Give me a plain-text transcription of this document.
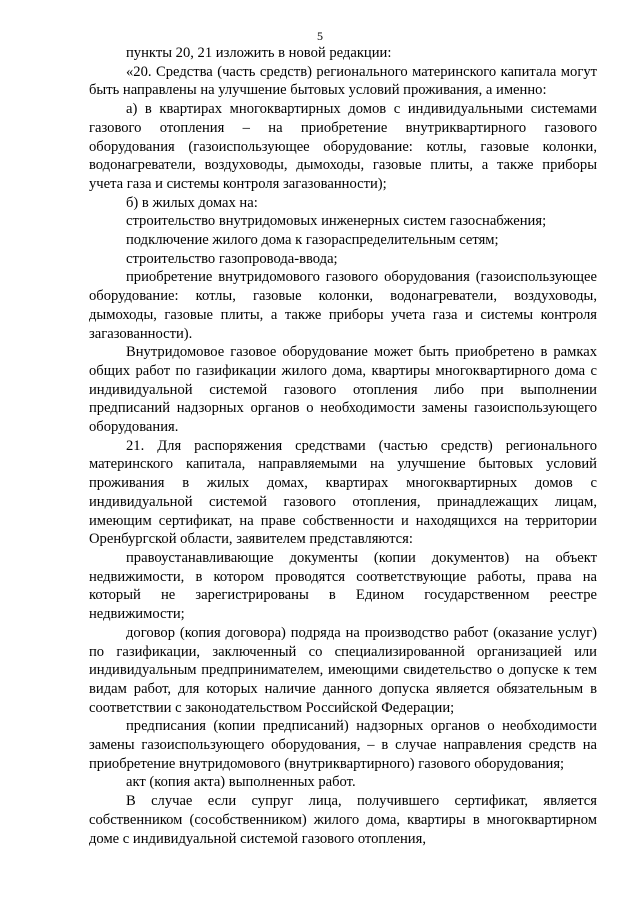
5

пункты 20, 21 изложить в новой редакции:

«20. Средства (часть средств) регионального материнского капитала могут быть направлены на улучшение бытовых условий проживания, а именно:

а) в квартирах многоквартирных домов с индивидуальными системами газового отопления – на приобретение внутриквартирного газового оборудования (газоиспользующее оборудование: котлы, газовые колонки, водонагреватели, воздуховоды, дымоходы, газовые плиты, а также приборы учета газа и системы контроля загазованности);

б) в жилых домах на:

строительство внутридомовых инженерных систем газоснабжения;

подключение жилого дома к газораспределительным сетям;

строительство газопровода-ввода;

приобретение внутридомового газового оборудования (газоиспользующее оборудование: котлы, газовые колонки, водонагреватели, воздуховоды, дымоходы, газовые плиты, а также приборы учета газа и системы контроля загазованности).

Внутридомовое газовое оборудование может быть приобретено в рамках общих работ по газификации жилого дома, квартиры многоквартирного дома с индивидуальной системой газового отопления либо при выполнении предписаний надзорных органов о необходимости замены газоиспользующего оборудования.

21. Для распоряжения средствами (частью средств) регионального материнского капитала, направляемыми на улучшение бытовых условий проживания в жилых домах, квартирах многоквартирных домов с индивидуальной системой газового отопления, принадлежащих лицам, имеющим сертификат, на праве собственности и находящихся на территории Оренбургской области, заявителем представляются:

правоустанавливающие документы (копии документов) на объект недвижимости, в котором проводятся соответствующие работы, права на который не зарегистрированы в Едином государственном реестре недвижимости;

договор (копия договора) подряда на производство работ (оказание услуг) по газификации, заключенный со специализированной организацией или индивидуальным предпринимателем, имеющими свидетельство о допуске к тем видам работ, для которых наличие данного допуска является обязательным в соответствии с законодательством Российской Федерации;

предписания (копии предписаний) надзорных органов о необходимости замены газоиспользующего оборудования, – в случае направления средств на приобретение внутридомового (внутриквартирного) газового оборудования;

акт (копия акта) выполненных работ.

В случае если супруг лица, получившего сертификат, является собственником (сособственником) жилого дома, квартиры в многоквартирном доме с индивидуальной системой газового отопления,
